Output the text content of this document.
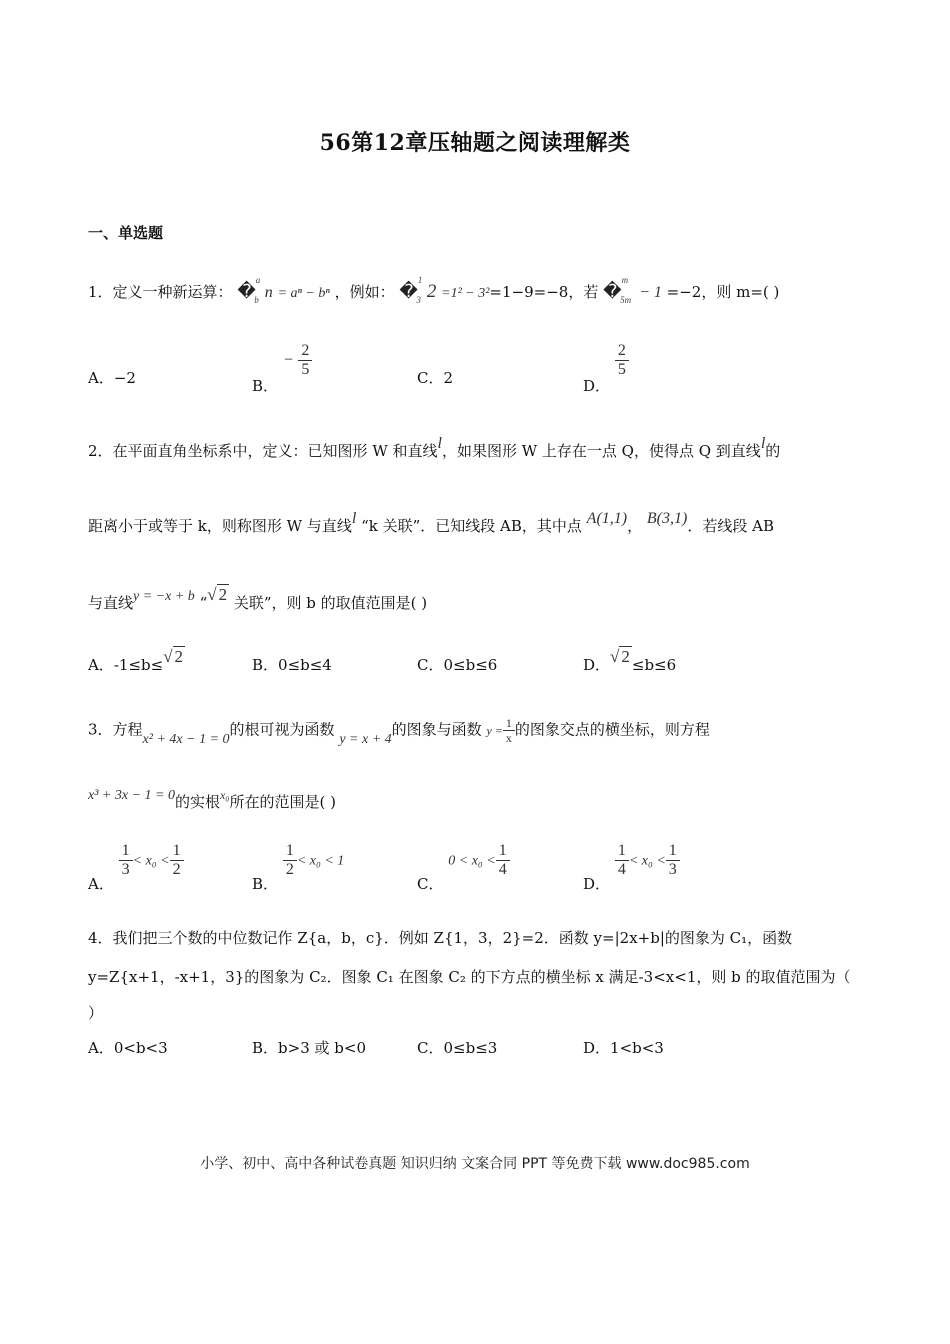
56第12章压轴题之阅读理解类
一、单选题
1．定义一种新运算： �$^a_b$ n = aⁿ − bⁿ ，例如： �$^1_3$ 2 =1² − 3²=1−9=−8，若 �$^m_{5m}$ − 1 =−2，则 m=( )
A．−2	B． − $\frac{2}{5}$	C．2	D．
$\frac{2}{5}$
2．在平面直角坐标系中，定义：已知图形 W 和直线l，如果图形 W 上存在一点 Q，使得点 Q 到直线l的
距离小于或等于 k，则称图形 W 与直线l “k 关联”．已知线段 AB，其中点 A(1,1)， B(3,1)．若线段 AB
与直线y = −x + b “√ 2 关联”，则 b 的取值范围是( )
A．-1≤b≤√ 2	B．0≤b≤4	C．0≤b≤6	D．√ 2 ≤b≤6
3．方程x² + 4x − 1 = 0的根可视为函数 y = x + 4的图象与函数 $y = \frac{1}{x}$ 的图象交点的横坐标，则方程
x³ + 3x − 1 = 0的实根$^{x_0}$所在的范围是( )
A．
$\frac{1}{3} < x_0 < \frac{1}{2}$
B．
$\frac{1}{2} < x_0 < 1$
C． $0 < x_0 < \frac{1}{4}$
D．
$\frac{1}{4} < x_0 < \frac{1}{3}$
4．我们把三个数的中位数记作 Z{a，b，c}．例如 Z{1，3，2}=2．函数 y=|2x+b|的图象为 C₁，函数
y=Z{x+1，-x+1，3}的图象为 C₂．图象 C₁ 在图象 C₂ 的下方点的横坐标 x 满足-3<x<1，则 b 的取值范围为（
）
A．0<b<3	B．b>3 或 b<0	C．0≤b≤3	D．1<b<3
小学、初中、高中各种试卷真题 知识归纳 文案合同 PPT 等免费下载 www.doc985.com
